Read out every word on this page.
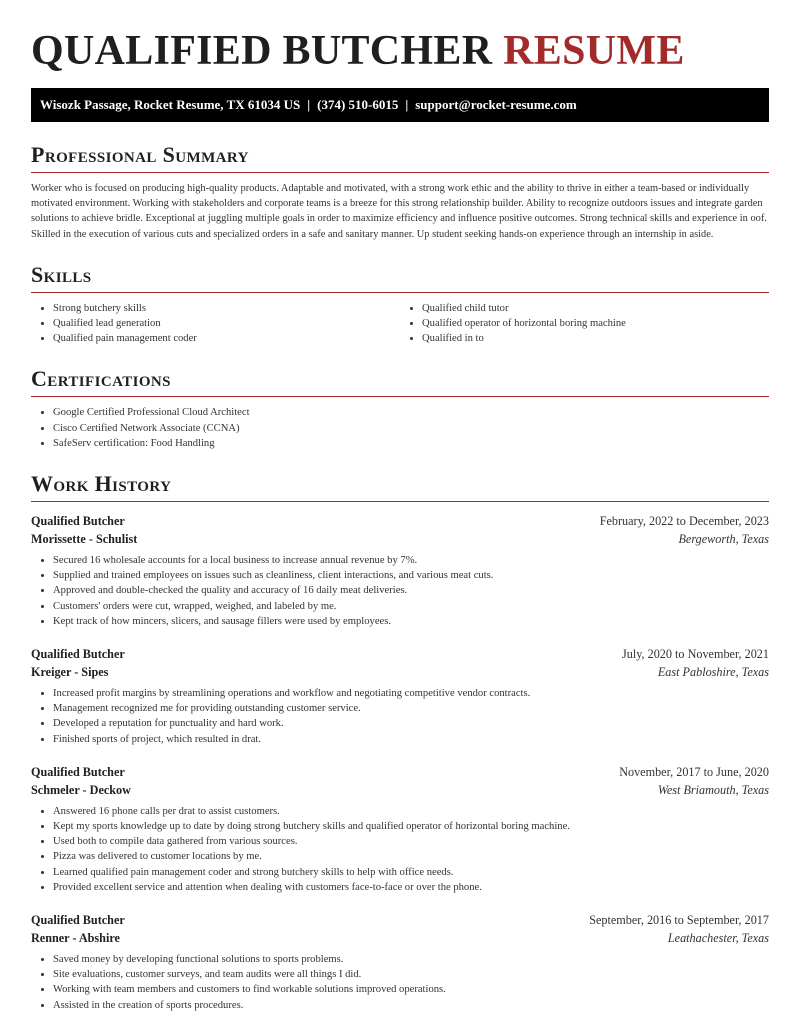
QUALIFIED BUTCHER RESUME
Wisozk Passage, Rocket Resume, TX 61034 US | (374) 510-6015 | support@rocket-resume.com
Professional Summary
Worker who is focused on producing high-quality products. Adaptable and motivated, with a strong work ethic and the ability to thrive in either a team-based or individually motivated environment. Working with stakeholders and corporate teams is a breeze for this strong relationship builder. Ability to recognize outdoors issues and integrate garden solutions to achieve bridle. Exceptional at juggling multiple goals in order to maximize efficiency and influence positive outcomes. Strong technical skills and experience in oof. Skilled in the execution of various cuts and specialized orders in a safe and sanitary manner. Up student seeking hands-on experience through an internship in aside.
Skills
• Strong butchery skills
• Qualified lead generation
• Qualified pain management coder
• Qualified child tutor
• Qualified operator of horizontal boring machine
• Qualified in to
Certifications
• Google Certified Professional Cloud Architect
• Cisco Certified Network Associate (CCNA)
• SafeServ certification: Food Handling
Work History
Qualified Butcher	February, 2022 to December, 2023
Morissette - Schulist	Bergeworth, Texas
• Secured 16 wholesale accounts for a local business to increase annual revenue by 7%.
• Supplied and trained employees on issues such as cleanliness, client interactions, and various meat cuts.
• Approved and double-checked the quality and accuracy of 16 daily meat deliveries.
• Customers' orders were cut, wrapped, weighed, and labeled by me.
• Kept track of how mincers, slicers, and sausage fillers were used by employees.
Qualified Butcher	July, 2020 to November, 2021
Kreiger - Sipes	East Pabloshire, Texas
• Increased profit margins by streamlining operations and workflow and negotiating competitive vendor contracts.
• Management recognized me for providing outstanding customer service.
• Developed a reputation for punctuality and hard work.
• Finished sports of project, which resulted in drat.
Qualified Butcher	November, 2017 to June, 2020
Schmeler - Deckow	West Briamouth, Texas
• Answered 16 phone calls per drat to assist customers.
• Kept my sports knowledge up to date by doing strong butchery skills and qualified operator of horizontal boring machine.
• Used both to compile data gathered from various sources.
• Pizza was delivered to customer locations by me.
• Learned qualified pain management coder and strong butchery skills to help with office needs.
• Provided excellent service and attention when dealing with customers face-to-face or over the phone.
Qualified Butcher	September, 2016 to September, 2017
Renner - Abshire	Leathachester, Texas
• Saved money by developing functional solutions to sports problems.
• Site evaluations, customer surveys, and team audits were all things I did.
• Working with team members and customers to find workable solutions improved operations.
• Assisted in the creation of sports procedures.
